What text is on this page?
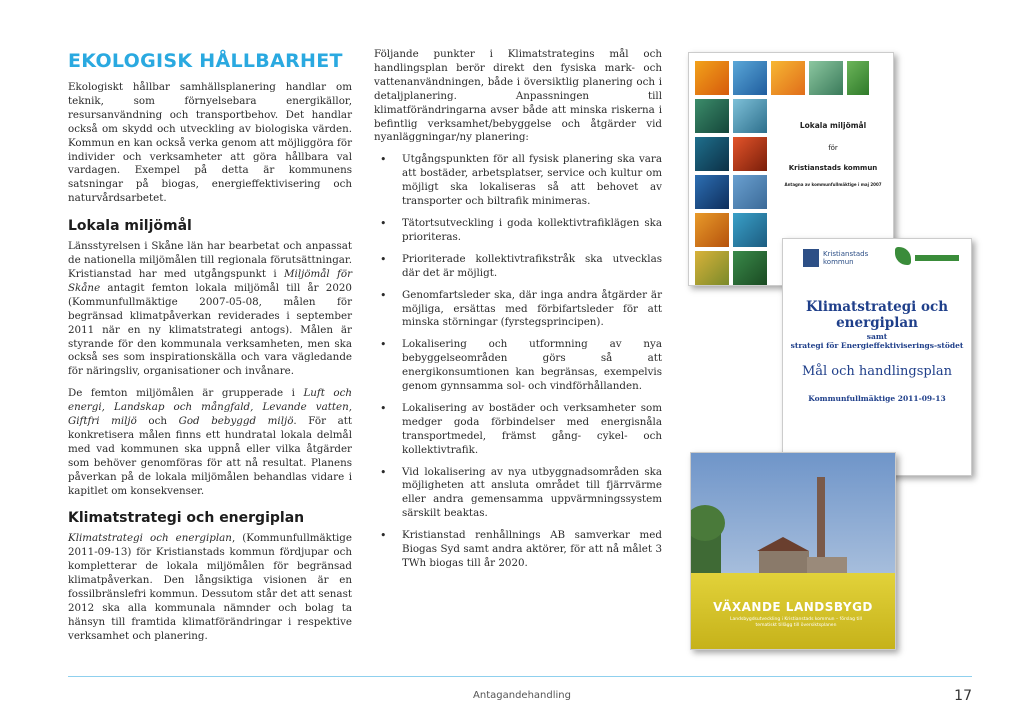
EKOLOGISK HÅLLBARHET

Ekologiskt hållbar samhällsplanering handlar om teknik, som förnyelsebara energikällor, resursanvändning och transportbehov. Det handlar också om skydd och utveckling av biologiska värden. Kommun en kan också verka genom att möjliggöra för individer och verksamheter att göra hållbara val vardagen. Exempel på detta är kommunens satsningar på biogas, energieffektivisering och naturvårdsarbetet.

Lokala miljömål

Länsstyrelsen i Skåne län har bearbetat och anpassat de nationella miljömålen till regionala förutsättningar. Kristianstad har med utgångspunkt i Miljömål för Skåne antagit femton lokala miljömål till år 2020 (Kommunfullmäktige 2007-05-08, målen för begränsad klimatpåverkan reviderades i september 2011 när en ny klimatstrategi antogs). Målen är styrande för den kommunala verksamheten, men ska också ses som inspirationskälla och vara vägledande för näringsliv, organisationer och invånare.

De femton miljömålen är grupperade i Luft och energi, Landskap och mångfald, Levande vatten, Giftfri miljö och God bebyggd miljö. För att konkretisera målen finns ett hundratal lokala delmål med vad kommunen ska uppnå eller vilka åtgärder som behöver genomföras för att nå resultat. Planens påverkan på de lokala miljömålen behandlas vidare i kapitlet om konsekvenser.

Klimatstrategi och energiplan

Klimatstrategi och energiplan, (Kommunfullmäktige 2011-09-13) för Kristianstads kommun fördjupar och kompletterar de lokala miljömålen för begränsad klimatpåverkan. Den långsiktiga visionen är en fossilbränslefri kommun. Dessutom står det att senast 2012 ska alla kommunala nämnder och bolag ta hänsyn till framtida klimatförändringar i respektive verksamhet och planering.

Följande punkter i Klimatstrategins mål och handlingsplan berör direkt den fysiska mark- och vattenanvändningen, både i översiktlig planering och i detaljplanering. Anpassningen till klimatförändringarna avser både att minska riskerna i befintlig verksamhet/bebyggelse och åtgärder vid nyanläggningar/ny planering:

• Utgångspunkten för all fysisk planering ska vara att bostäder, arbetsplatser, service och kultur om möjligt ska lokaliseras så att behovet av transporter och biltrafik minimeras.
• Tätortsutveckling i goda kollektivtrafiklägen ska prioriteras.
• Prioriterade kollektivtrafikstråk ska utvecklas där det är möjligt.
• Genomfartsleder ska, där inga andra åtgärder är möjliga, ersättas med förbifartsleder för att minska störningar (fyrstegsprincipen).
• Lokalisering och utformning av nya bebyggelseområden görs så att energikonsumtionen kan begränsas, exempelvis genom gynnsamma sol- och vindförhållanden.
• Lokalisering av bostäder och verksamheter som medger goda förbindelser med energisnåla transportmedel, främst gång- cykel- och kollektivtrafik.
• Vid lokalisering av nya utbyggnadsområden ska möjligheten att ansluta området till fjärrvärme eller andra gemensamma uppvärmningssystem särskilt beaktas.
• Kristianstad renhållnings AB samverkar med Biogas Syd samt andra aktörer, för att nå målet 3 TWh biogas till år 2020.
Lokala miljömål
för
Kristianstads kommun
Antagna av kommunfullmäktige i maj 2007
Kristianstads kommun
Klimatstrategi och energiplan
samt
strategi för Energieffektiviserings-stödet
Mål och handlingsplan
Kommunfullmäktige 2011-09-13
VÄXANDE LANDSBYGD
Landsbygdsutveckling i Kristianstads kommun – förslag till tematiskt tillägg till översiktsplanen
Antagandehandling	17
